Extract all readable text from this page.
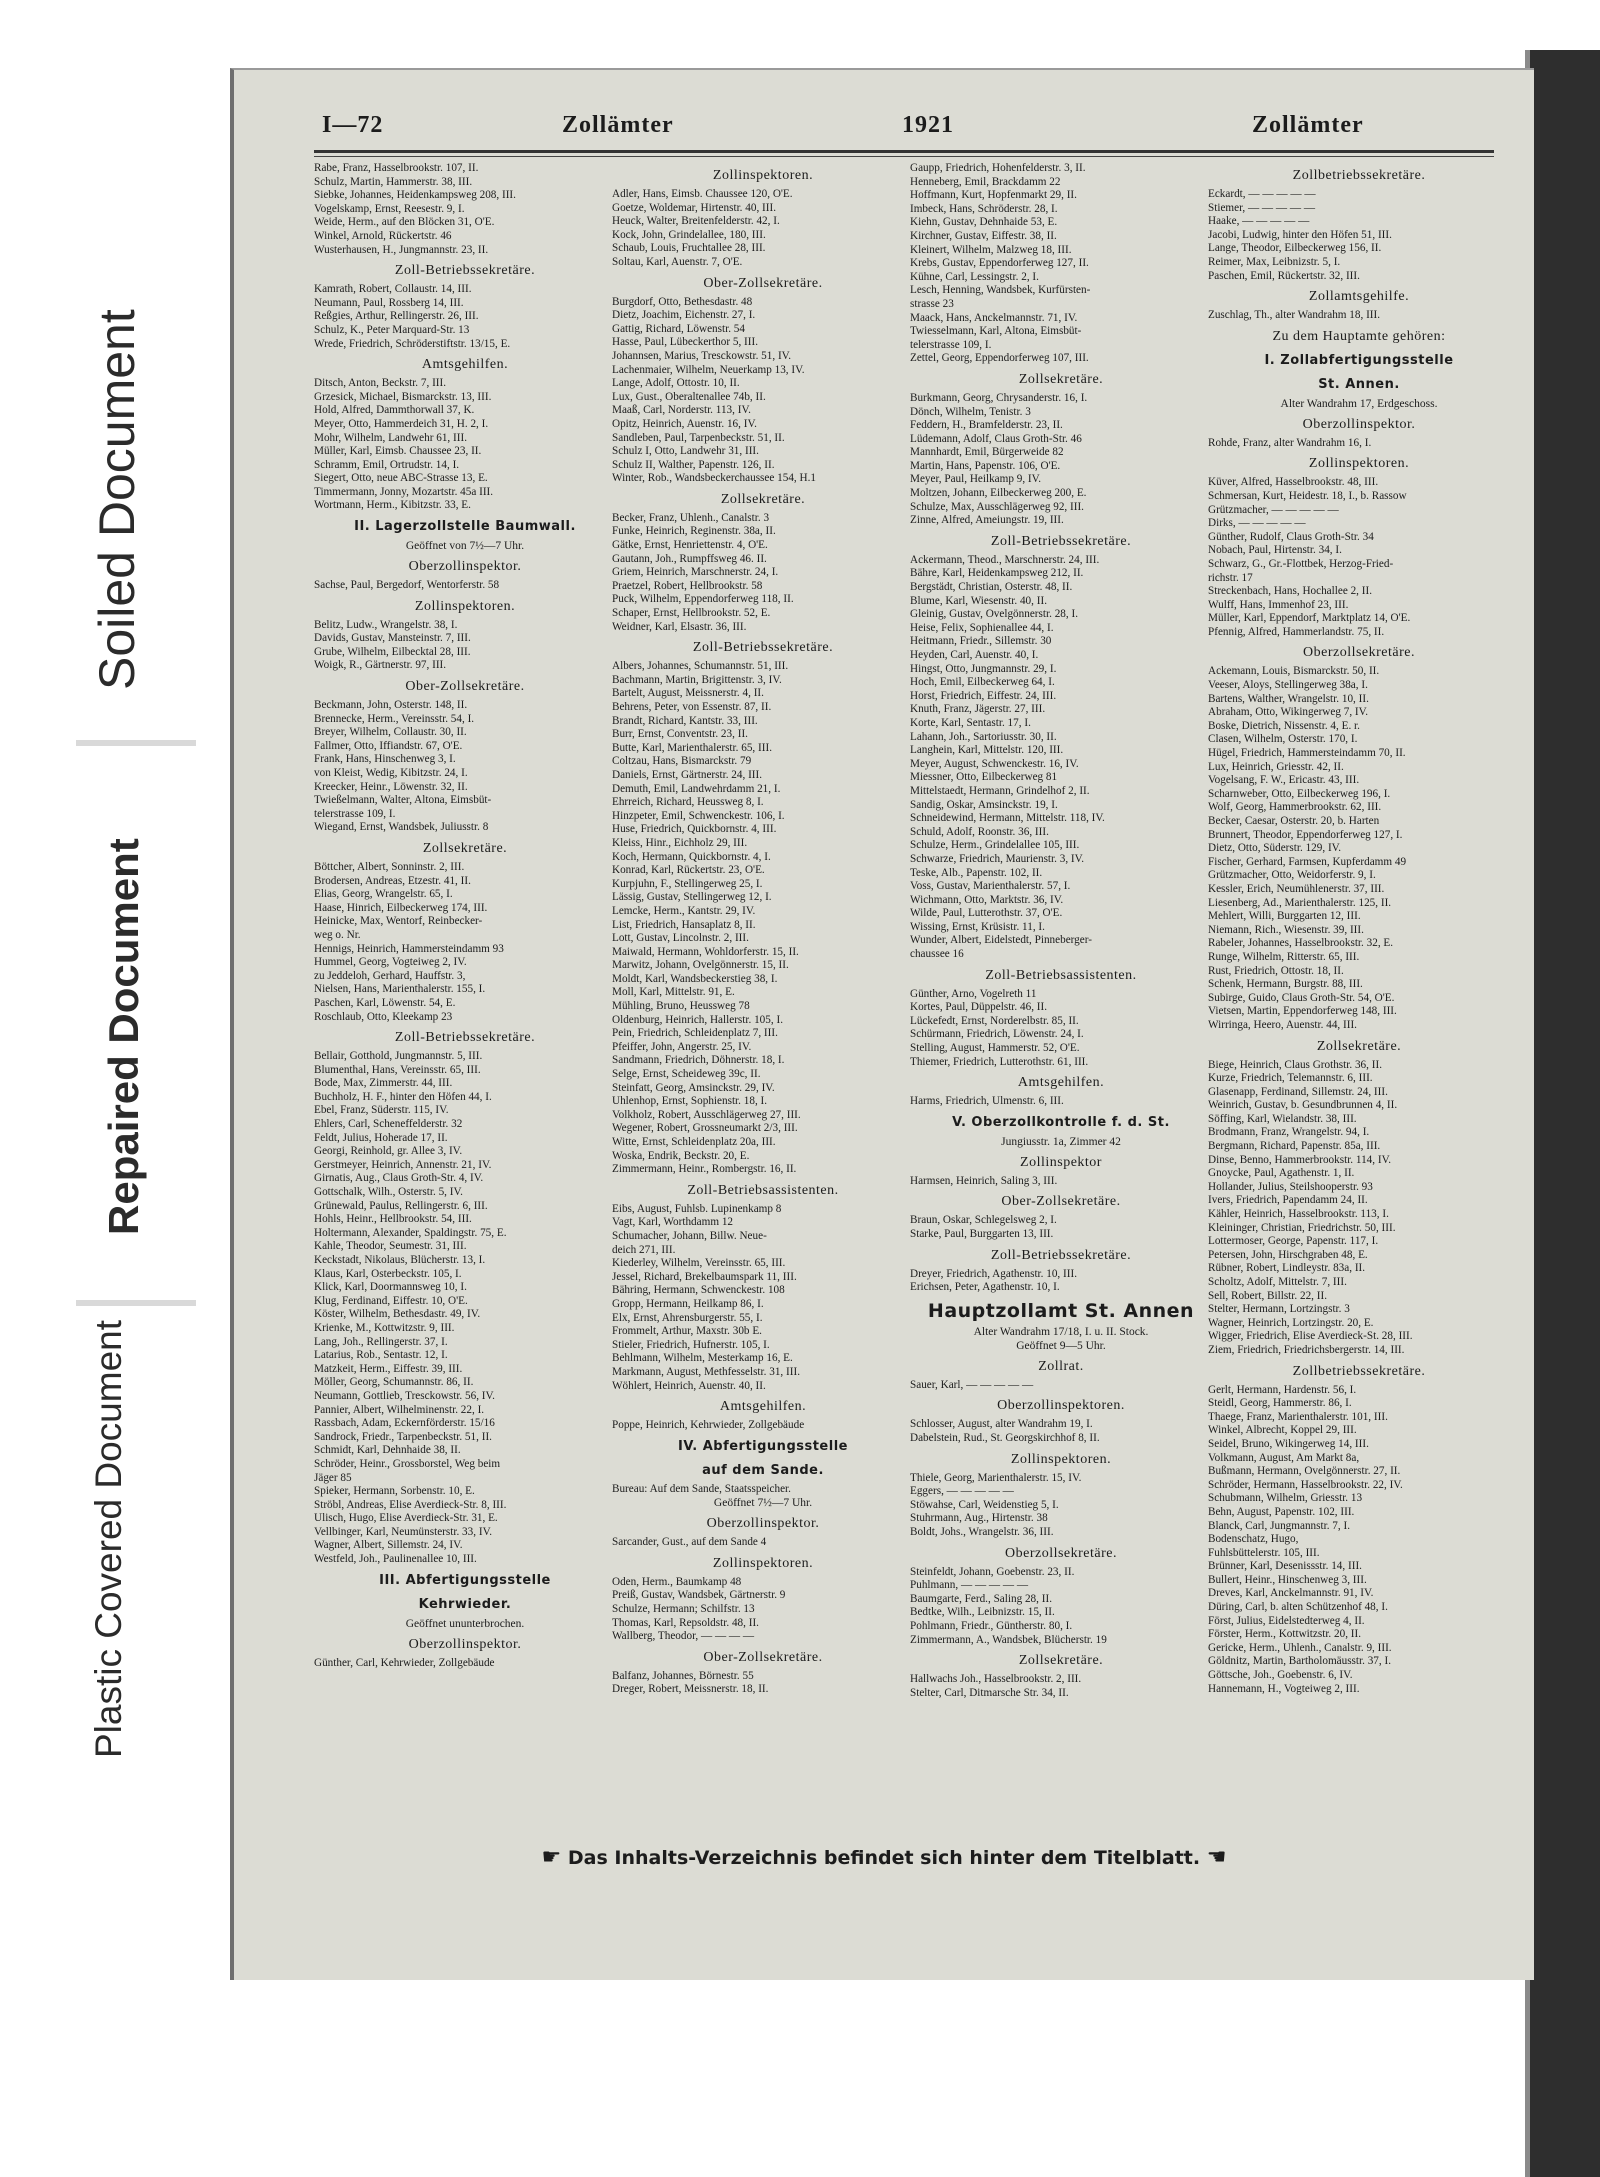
Plastic Covered Document
Repaired Document
Soiled Document
I—72	Zollämter	1921	Zollämter
Rabe, Franz, Hasselbrookstr. 107, II.
Schulz, Martin, Hammerstr. 38, III.
Siebke, Johannes, Heidenkampsweg 208, III.
Vogelskamp, Ernst, Reesestr. 9, I.
Weide, Herm., auf den Blöcken 31, O'E.
Winkel, Arnold, Rückertstr. 46
Wusterhausen, H., Jungmannstr. 23, II.
Zoll-Betriebssekretäre.
Kamrath, Robert, Collaustr. 14, III.
Neumann, Paul, Rossberg 14, III.
Reßgies, Arthur, Rellingerstr. 26, III.
Schulz, K., Peter Marquard-Str. 13
Wrede, Friedrich, Schröderstiftstr. 13/15, E.
Amtsgehilfen.
Ditsch, Anton, Beckstr. 7, III.
Grzesick, Michael, Bismarckstr. 13, III.
Hold, Alfred, Dammthorwall 37, K.
Meyer, Otto, Hammerdeich 31, H. 2, I.
Mohr, Wilhelm, Landwehr 61, III.
Müller, Karl, Eimsb. Chaussee 23, II.
Schramm, Emil, Ortrudstr. 14, I.
Siegert, Otto, neue ABC-Strasse 13, E.
Timmermann, Jonny, Mozartstr. 45a III.
Wortmann, Herm., Kibitzstr. 33, E.
II. Lagerzollstelle Baumwall.
Geöffnet von 7½—7 Uhr.
Oberzollinspektor.
Sachse, Paul, Bergedorf, Wentorferstr. 58
Zollinspektoren.
Belitz, Ludw., Wrangelstr. 38, I.
Davids, Gustav, Mansteinstr. 7, III.
Grube, Wilhelm, Eilbecktal 28, III.
Woigk, R., Gärtnerstr. 97, III.
Ober-Zollsekretäre.
Beckmann, John, Osterstr. 148, II.
Brennecke, Herm., Vereinsstr. 54, I.
Breyer, Wilhelm, Collaustr. 30, II.
Fallmer, Otto, Iffiandstr. 67, O'E.
Frank, Hans, Hinschenweg 3, I.
von Kleist, Wedig, Kibitzstr. 24, I.
Kreecker, Heinr., Löwenstr. 32, II.
Twießelmann, Walter, Altona, Eimsbüt-
telerstrasse 109, I.
Wiegand, Ernst, Wandsbek, Juliusstr. 8
Zollsekretäre.
Böttcher, Albert, Sonninstr. 2, III.
Brodersen, Andreas, Etzestr. 41, II.
Elias, Georg, Wrangelstr. 65, I.
Haase, Hinrich, Eilbeckerweg 174, III.
Heinicke, Max, Wentorf, Reinbecker-
weg o. Nr.
Hennigs, Heinrich, Hammersteindamm 93
Hummel, Georg, Vogteiweg 2, IV.
zu Jeddeloh, Gerhard, Hauffstr. 3,
Nielsen, Hans, Marienthalerstr. 155, I.
Paschen, Karl, Löwenstr. 54, E.
Roschlaub, Otto, Kleekamp 23
Zoll-Betriebssekretäre.
Bellair, Gotthold, Jungmannstr. 5, III.
Blumenthal, Hans, Vereinsstr. 65, III.
Bode, Max, Zimmerstr. 44, III.
Buchholz, H. F., hinter den Höfen 44, I.
Ebel, Franz, Süderstr. 115, IV.
Ehlers, Carl, Scheneffelderstr. 32
Feldt, Julius, Hoherade 17, II.
Georgi, Reinhold, gr. Allee 3, IV.
Gerstmeyer, Heinrich, Annenstr. 21, IV.
Girnatis, Aug., Claus Groth-Str. 4, IV.
Gottschalk, Wilh., Osterstr. 5, IV.
Grünewald, Paulus, Rellingerstr. 6, III.
Hohls, Heinr., Hellbrookstr. 54, III.
Holtermann, Alexander, Spaldingstr. 75, E.
Kahle, Theodor, Seumestr. 31, III.
Keckstadt, Nikolaus, Blücherstr. 13, I.
Klaus, Karl, Osterbeckstr. 105, I.
Klick, Karl, Doormannsweg 10, I.
Klug, Ferdinand, Eiffestr. 10, O'E.
Köster, Wilhelm, Bethesdastr. 49, IV.
Krienke, M., Kottwitzstr. 9, III.
Lang, Joh., Rellingerstr. 37, I.
Latarius, Rob., Sentastr. 12, I.
Matzkeit, Herm., Eiffestr. 39, III.
Möller, Georg, Schumannstr. 86, II.
Neumann, Gottlieb, Tresckowstr. 56, IV.
Pannier, Albert, Wilhelminenstr. 22, I.
Rassbach, Adam, Eckernförderstr. 15/16
Sandrock, Friedr., Tarpenbeckstr. 51, II.
Schmidt, Karl, Dehnhaide 38, II.
Schröder, Heinr., Grossborstel, Weg beim
Jäger 85
Spieker, Hermann, Sorbenstr. 10, E.
Ströbl, Andreas, Elise Averdieck-Str. 8, III.
Ulisch, Hugo, Elise Averdieck-Str. 31, E.
Vellbinger, Karl, Neumünsterstr. 33, IV.
Wagner, Albert, Sillemstr. 24, IV.
Westfeld, Joh., Paulinenallee 10, III.
III. Abfertigungsstelle
Kehrwieder.
Geöffnet ununterbrochen.
Oberzollinspektor.
Günther, Carl, Kehrwieder, Zollgebäude
Zollinspektoren.
Adler, Hans, Eimsb. Chaussee 120, O'E.
Goetze, Woldemar, Hirtenstr. 40, III.
Heuck, Walter, Breitenfelderstr. 42, I.
Kock, John, Grindelallee, 180, III.
Schaub, Louis, Fruchtallee 28, III.
Soltau, Karl, Auenstr. 7, O'E.
Ober-Zollsekretäre.
Burgdorf, Otto, Bethesdastr. 48
Dietz, Joachim, Eichenstr. 27, I.
Gattig, Richard, Löwenstr. 54
Hasse, Paul, Lübeckerthor 5, III.
Johannsen, Marius, Tresckowstr. 51, IV.
Lachenmaier, Wilhelm, Neuerkamp 13, IV.
Lange, Adolf, Ottostr. 10, II.
Lux, Gust., Oberaltenallee 74b, II.
Maaß, Carl, Norderstr. 113, IV.
Opitz, Heinrich, Auenstr. 16, IV.
Sandleben, Paul, Tarpenbeckstr. 51, II.
Schulz I, Otto, Landwehr 31, III.
Schulz II, Walther, Papenstr. 126, II.
Winter, Rob., Wandsbeckerchaussee 154, H.1
Zollsekretäre.
Becker, Franz, Uhlenh., Canalstr. 3
Funke, Heinrich, Reginenstr. 38a, II.
Gätke, Ernst, Henriettenstr. 4, O'E.
Gautann, Joh., Rumpffsweg 46. II.
Griem, Heinrich, Marschnerstr. 24, I.
Praetzel, Robert, Hellbrookstr. 58
Puck, Wilhelm, Eppendorferweg 118, II.
Schaper, Ernst, Hellbrookstr. 52, E.
Weidner, Karl, Elsastr. 36, III.
Zoll-Betriebssekretäre.
Albers, Johannes, Schumannstr. 51, III.
Bachmann, Martin, Brigittenstr. 3, IV.
Bartelt, August, Meissnerstr. 4, II.
Behrens, Peter, von Essenstr. 87, II.
Brandt, Richard, Kantstr. 33, III.
Burr, Ernst, Conventstr. 23, II.
Butte, Karl, Marienthalerstr. 65, III.
Coltzau, Hans, Bismarckstr. 79
Daniels, Ernst, Gärtnerstr. 24, III.
Demuth, Emil, Landwehrdamm 21, I.
Ehrreich, Richard, Heussweg 8, I.
Hinzpeter, Emil, Schwenckestr. 106, I.
Huse, Friedrich, Quickbornstr. 4, III.
Kleiss, Hinr., Eichholz 29, III.
Koch, Hermann, Quickbornstr. 4, I.
Konrad, Karl, Rückertstr. 23, O'E.
Kurpjuhn, F., Stellingerweg 25, I.
Lässig, Gustav, Stellingerweg 12, I.
Lemcke, Herm., Kantstr. 29, IV.
List, Friedrich, Hansaplatz 8, II.
Lott, Gustav, Lincolnstr. 2, III.
Maiwald, Hermann, Wohldorferstr. 15, II.
Marwitz, Johann, Ovelgönnerstr. 15, II.
Moldt, Karl, Wandsbeckerstieg 38, I.
Moll, Karl, Mittelstr. 91, E.
Mühling, Bruno, Heussweg 78
Oldenburg, Heinrich, Hallerstr. 105, I.
Pein, Friedrich, Schleidenplatz 7, III.
Pfeiffer, John, Angerstr. 25, IV.
Sandmann, Friedrich, Döhnerstr. 18, I.
Selge, Ernst, Scheideweg 39c, II.
Steinfatt, Georg, Amsinckstr. 29, IV.
Uhlenhop, Ernst, Sophienstr. 18, I.
Volkholz, Robert, Ausschlägerweg 27, III.
Wegener, Robert, Grossneumarkt 2/3, III.
Witte, Ernst, Schleidenplatz 20a, III.
Woska, Endrik, Beckstr. 20, E.
Zimmermann, Heinr., Rombergstr. 16, II.
Zoll-Betriebsassistenten.
Eibs, August, Fuhlsb. Lupinenkamp 8
Vagt, Karl, Worthdamm 12
Schumacher, Johann, Billw. Neue-
deich 271, III.
Kiederley, Wilhelm, Vereinsstr. 65, III.
Jessel, Richard, Brekelbaumspark 11, III.
Bähring, Hermann, Schwenckestr. 108
Gropp, Hermann, Heilkamp 86, I.
Elx, Ernst, Ahrensburgerstr. 55, I.
Frommelt, Arthur, Maxstr. 30b E.
Stieler, Friedrich, Hufnerstr. 105, I.
Behlmann, Wilhelm, Mesterkamp 16, E.
Markmann, August, Methfesselstr. 31, III.
Wöhlert, Heinrich, Auenstr. 40, II.
Amtsgehilfen.
Poppe, Heinrich, Kehrwieder, Zollgebäude
IV. Abfertigungsstelle
auf dem Sande.
Bureau: Auf dem Sande, Staatsspeicher.
Geöffnet 7½—7 Uhr.
Oberzollinspektor.
Sarcander, Gust., auf dem Sande 4
Zollinspektoren.
Oden, Herm., Baumkamp 48
Preiß, Gustav, Wandsbek, Gärtnerstr. 9
Schulze, Hermann; Schilfstr. 13
Thomas, Karl, Repsoldstr. 48, II.
Wallberg, Theodor, — — — —
Ober-Zollsekretäre.
Balfanz, Johannes, Börnestr. 55
Dreger, Robert, Meissnerstr. 18, II.
Gaupp, Friedrich, Hohenfelderstr. 3, II.
Henneberg, Emil, Brackdamm 22
Hoffmann, Kurt, Hopfenmarkt 29, II.
Imbeck, Hans, Schröderstr. 28, I.
Kiehn, Gustav, Dehnhaide 53, E.
Kirchner, Gustav, Eiffestr. 38, II.
Kleinert, Wilhelm, Malzweg 18, III.
Krebs, Gustav, Eppendorferweg 127, II.
Kühne, Carl, Lessingstr. 2, I.
Lesch, Henning, Wandsbek, Kurfürsten-
strasse 23
Maack, Hans, Anckelmannstr. 71, IV.
Twiesselmann, Karl, Altona, Eimsbüt-
telerstrasse 109, I.
Zettel, Georg, Eppendorferweg 107, III.
Zollsekretäre.
Burkmann, Georg, Chrysanderstr. 16, I.
Dönch, Wilhelm, Tenistr. 3
Feddern, H., Bramfelderstr. 23, II.
Lüdemann, Adolf, Claus Groth-Str. 46
Mannhardt, Emil, Bürgerweide 82
Martin, Hans, Papenstr. 106, O'E.
Meyer, Paul, Heilkamp 9, IV.
Moltzen, Johann, Eilbeckerweg 200, E.
Schulze, Max, Ausschlägerweg 92, III.
Zinne, Alfred, Ameiungstr. 19, III.
Zoll-Betriebssekretäre.
Ackermann, Theod., Marschnerstr. 24, III.
Bähre, Karl, Heidenkampsweg 212, II.
Bergstädt, Christian, Osterstr. 48, II.
Blume, Karl, Wiesenstr. 40, II.
Gleinig, Gustav, Ovelgönnerstr. 28, I.
Heise, Felix, Sophienallee 44, I.
Heitmann, Friedr., Sillemstr. 30
Heyden, Carl, Auenstr. 40, I.
Hingst, Otto, Jungmannstr. 29, I.
Hoch, Emil, Eilbeckerweg 64, I.
Horst, Friedrich, Eiffestr. 24, III.
Knuth, Franz, Jägerstr. 27, III.
Korte, Karl, Sentastr. 17, I.
Lahann, Joh., Sartoriusstr. 30, II.
Langhein, Karl, Mittelstr. 120, III.
Meyer, August, Schwenckestr. 16, IV.
Miessner, Otto, Eilbeckerweg 81
Mittelstaedt, Hermann, Grindelhof 2, II.
Sandig, Oskar, Amsinckstr. 19, I.
Schneidewind, Hermann, Mittelstr. 118, IV.
Schuld, Adolf, Roonstr. 36, III.
Schulze, Herm., Grindelallee 105, III.
Schwarze, Friedrich, Maurienstr. 3, IV.
Teske, Alb., Papenstr. 102, II.
Voss, Gustav, Marienthalerstr. 57, I.
Wichmann, Otto, Marktstr. 36, IV.
Wilde, Paul, Lutterothstr. 37, O'E.
Wissing, Ernst, Krüsistr. 11, I.
Wunder, Albert, Eidelstedt, Pinneberger-
chaussee 16
Zoll-Betriebsassistenten.
Günther, Arno, Vogelreth 11
Kortes, Paul, Düppelstr. 46, II.
Lückefedt, Ernst, Norderelbstr. 85, II.
Schürmann, Friedrich, Löwenstr. 24, I.
Stelling, August, Hammerstr. 52, O'E.
Thiemer, Friedrich, Lutterothstr. 61, III.
Amtsgehilfen.
Harms, Friedrich, Ulmenstr. 6, III.
V. Oberzollkontrolle f. d. St.
Jungiusstr. 1a, Zimmer 42
Zollinspektor
Harmsen, Heinrich, Saling 3, III.
Ober-Zollsekretäre.
Braun, Oskar, Schlegelsweg 2, I.
Starke, Paul, Burggarten 13, III.
Zoll-Betriebssekretäre.
Dreyer, Friedrich, Agathenstr. 10, III.
Erichsen, Peter, Agathenstr. 10, I.
Hauptzollamt St. Annen
Alter Wandrahm 17/18, I. u. II. Stock.
Geöffnet 9—5 Uhr.
Zollrat.
Sauer, Karl, — — — — —
Oberzollinspektoren.
Schlosser, August, alter Wandrahm 19, I.
Dabelstein, Rud., St. Georgskirchhof 8, II.
Zollinspektoren.
Thiele, Georg, Marienthalerstr. 15, IV.
Eggers, — — — — —
Stöwahse, Carl, Weidenstieg 5, I.
Stuhrmann, Aug., Hirtenstr. 38
Boldt, Johs., Wrangelstr. 36, III.
Oberzollsekretäre.
Steinfeldt, Johann, Goebenstr. 23, II.
Puhlmann, — — — — —
Baumgarte, Ferd., Saling 28, II.
Bedtke, Wilh., Leibnizstr. 15, II.
Pohlmann, Friedr., Güntherstr. 80, I.
Zimmermann, A., Wandsbek, Blücherstr. 19
Zollsekretäre.
Hallwachs Joh., Hasselbrookstr. 2, III.
Stelter, Carl, Ditmarsche Str. 34, II.
Zollbetriebssekretäre.
Eckardt, — — — — —
Stiemer, — — — — —
Haake, — — — — —
Jacobi, Ludwig, hinter den Höfen 51, III.
Lange, Theodor, Eilbeckerweg 156, II.
Reimer, Max, Leibnizstr. 5, I.
Paschen, Emil, Rückertstr. 32, III.
Zollamtsgehilfe.
Zuschlag, Th., alter Wandrahm 18, III.
Zu dem Hauptamte gehören:
I. Zollabfertigungsstelle
St. Annen.
Alter Wandrahm 17, Erdgeschoss.
Oberzollinspektor.
Rohde, Franz, alter Wandrahm 16, I.
Zollinspektoren.
Küver, Alfred, Hasselbrookstr. 48, III.
Schmersan, Kurt, Heidestr. 18, I., b. Rassow
Grützmacher, — — — — —
Dirks, — — — — —
Günther, Rudolf, Claus Groth-Str. 34
Nobach, Paul, Hirtenstr. 34, I.
Schwarz, G., Gr.-Flottbek, Herzog-Fried-
richstr. 17
Streckenbach, Hans, Hochallee 2, II.
Wulff, Hans, Immenhof 23, III.
Müller, Karl, Eppendorf, Marktplatz 14, O'E.
Pfennig, Alfred, Hammerlandstr. 75, II.
Oberzollsekretäre.
Ackemann, Louis, Bismarckstr. 50, II.
Veeser, Aloys, Stellingerweg 38a, I.
Bartens, Walther, Wrangelstr. 10, II.
Abraham, Otto, Wikingerweg 7, IV.
Boske, Dietrich, Nissenstr. 4, E. r.
Clasen, Wilhelm, Osterstr. 170, I.
Hügel, Friedrich, Hammersteindamm 70, II.
Lux, Heinrich, Griesstr. 42, II.
Vogelsang, F. W., Ericastr. 43, III.
Scharnweber, Otto, Eilbeckerweg 196, I.
Wolf, Georg, Hammerbrookstr. 62, III.
Becker, Caesar, Osterstr. 20, b. Harten
Brunnert, Theodor, Eppendorferweg 127, I.
Dietz, Otto, Süderstr. 129, IV.
Fischer, Gerhard, Farmsen, Kupferdamm 49
Grützmacher, Otto, Weidorferstr. 9, I.
Kessler, Erich, Neumühlenerstr. 37, III.
Liesenberg, Ad., Marienthalerstr. 125, II.
Mehlert, Willi, Burggarten 12, III.
Niemann, Rich., Wiesenstr. 39, III.
Rabeler, Johannes, Hasselbrookstr. 32, E.
Runge, Wilhelm, Ritterstr. 65, III.
Rust, Friedrich, Ottostr. 18, II.
Schenk, Hermann, Burgstr. 88, III.
Subirge, Guido, Claus Groth-Str. 54, O'E.
Vietsen, Martin, Eppendorferweg 148, III.
Wirringa, Heero, Auenstr. 44, III.
Zollsekretäre.
Biege, Heinrich, Claus Grothstr. 36, II.
Kurze, Friedrich, Telemannstr. 6, III.
Glasenapp, Ferdinand, Sillemstr. 24, III.
Weinrich, Gustav, b. Gesundbrunnen 4, II.
Söffing, Karl, Wielandstr. 38, III.
Brodmann, Franz, Wrangelstr. 94, I.
Bergmann, Richard, Papenstr. 85a, III.
Dinse, Benno, Hammerbrookstr. 114, IV.
Gnoycke, Paul, Agathenstr. 1, II.
Hollander, Julius, Steilshooperstr. 93
Ivers, Friedrich, Papendamm 24, II.
Kähler, Heinrich, Hasselbrookstr. 113, I.
Kleininger, Christian, Friedrichstr. 50, III.
Lottermoser, George, Papenstr. 117, I.
Petersen, John, Hirschgraben 48, E.
Rübner, Robert, Lindleystr. 83a, II.
Scholtz, Adolf, Mittelstr. 7, III.
Sell, Robert, Billstr. 22, II.
Stelter, Hermann, Lortzingstr. 3
Wagner, Heinrich, Lortzingstr. 20, E.
Wigger, Friedrich, Elise Averdieck-St. 28, III.
Ziem, Friedrich, Friedrichsbergerstr. 14, III.
Zollbetriebssekretäre.
Gerlt, Hermann, Hardenstr. 56, I.
Steidl, Georg, Hammerstr. 86, I.
Thaege, Franz, Marienthalerstr. 101, III.
Winkel, Albrecht, Koppel 29, III.
Seidel, Bruno, Wikingerweg 14, III.
Volkmann, August, Am Markt 8a,
Bußmann, Hermann, Ovelgönnerstr. 27, II.
Schröder, Hermann, Hasselbrookstr. 22, IV.
Schubmann, Wilhelm, Griesstr. 13
Behn, August, Papenstr. 102, III.
Blanck, Carl, Jungmannstr. 7, I.
Bodenschatz, Hugo,
Fuhlsbüttelerstr. 105, III.
Brünner, Karl, Desenissstr. 14, III.
Bullert, Heinr., Hinschenweg 3, III.
Dreves, Karl, Anckelmannstr. 91, IV.
Düring, Carl, b. alten Schützenhof 48, I.
Först, Julius, Eidelstedterweg 4, II.
Förster, Herm., Kottwitzstr. 20, II.
Gericke, Herm., Uhlenh., Canalstr. 9, III.
Göldnitz, Martin, Bartholomäusstr. 37, I.
Göttsche, Joh., Goebenstr. 6, IV.
Hannemann, H., Vogteiweg 2, III.
☛ Das Inhalts-Verzeichnis befindet sich hinter dem Titelblatt. ☚
